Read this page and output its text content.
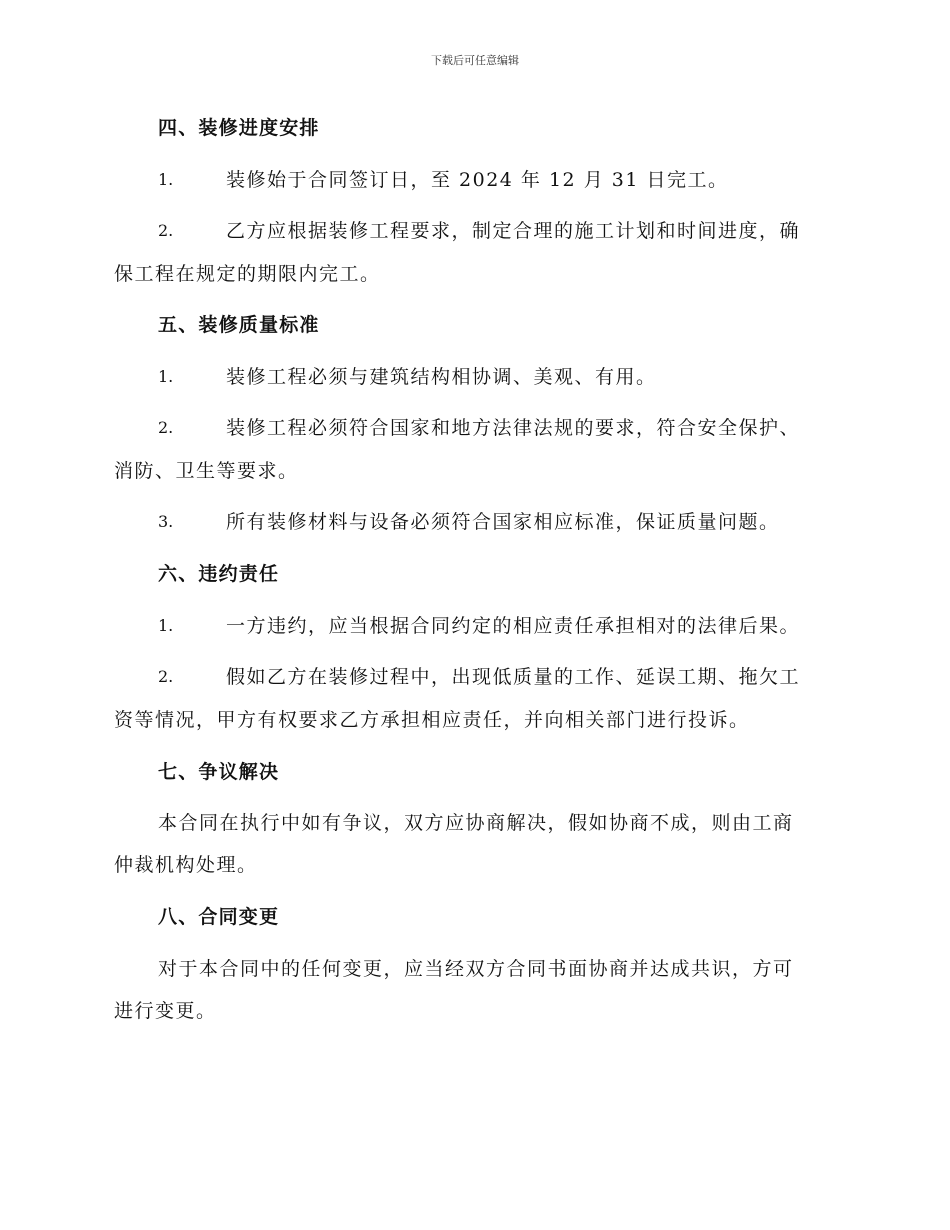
下载后可任意编辑
四、装修进度安排
1.	装修始于合同签订日，至 2024 年 12 月 31 日完工。
2.	乙方应根据装修工程要求，制定合理的施工计划和时间进度，确
保工程在规定的期限内完工。
五、装修质量标准
1.	装修工程必须与建筑结构相协调、美观、有用。
2.	装修工程必须符合国家和地方法律法规的要求，符合安全保护、
消防、卫生等要求。
3.	所有装修材料与设备必须符合国家相应标准，保证质量问题。
六、违约责任
1.	一方违约，应当根据合同约定的相应责任承担相对的法律后果。
2.	假如乙方在装修过程中，出现低质量的工作、延误工期、拖欠工
资等情况，甲方有权要求乙方承担相应责任，并向相关部门进行投诉。
七、争议解决
本合同在执行中如有争议，双方应协商解决，假如协商不成，则由工商
仲裁机构处理。
八、合同变更
对于本合同中的任何变更，应当经双方合同书面协商并达成共识，方可
进行变更。
